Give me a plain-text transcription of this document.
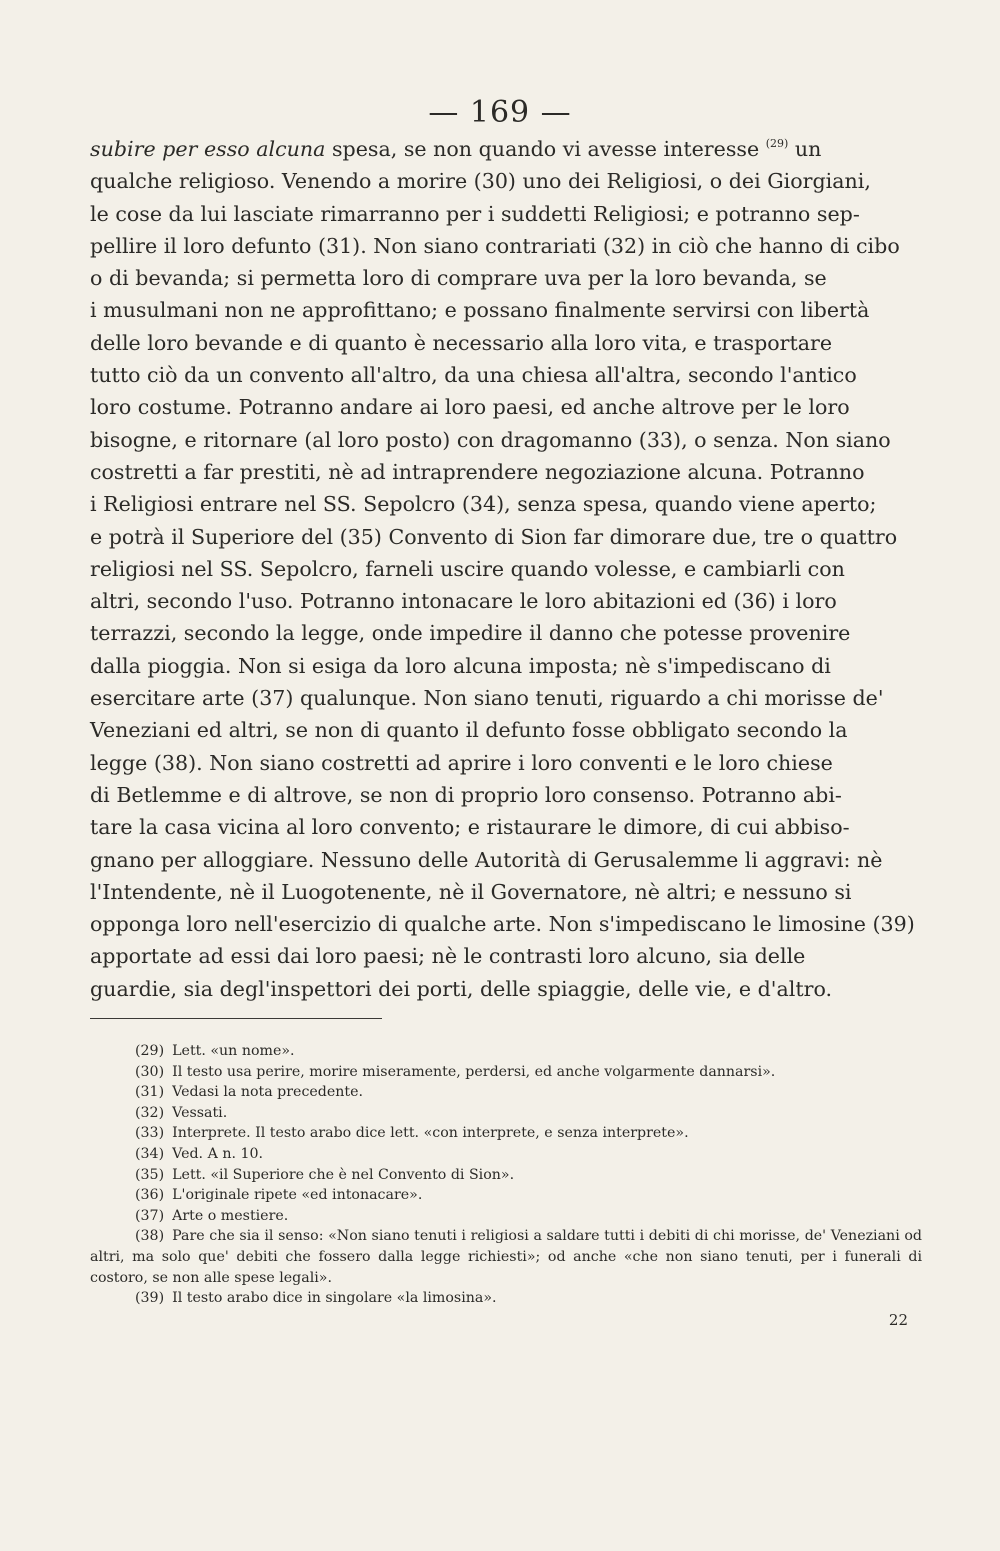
— 169 —
subire per esso alcuna spesa, se non quando vi avesse interesse $^{(29)}$ un
qualche religioso. Venendo a morire (30) uno dei Religiosi, o dei Giorgiani,
le cose da lui lasciate rimarranno per i suddetti Religiosi; e potranno sep-
pellire il loro defunto (31). Non siano contrariati (32) in ciò che hanno di cibo
o di bevanda; si permetta loro di comprare uva per la loro bevanda, se
i musulmani non ne approfittano; e possano finalmente servirsi con libertà
delle loro bevande e di quanto è necessario alla loro vita, e trasportare
tutto ciò da un convento all'altro, da una chiesa all'altra, secondo l'antico
loro costume. Potranno andare ai loro paesi, ed anche altrove per le loro
bisogne, e ritornare (al loro posto) con dragomanno (33), o senza. Non siano
costretti a far prestiti, nè ad intraprendere negoziazione alcuna. Potranno
i Religiosi entrare nel SS. Sepolcro (34), senza spesa, quando viene aperto;
e potrà il Superiore del (35) Convento di Sion far dimorare due, tre o quattro
religiosi nel SS. Sepolcro, farneli uscire quando volesse, e cambiarli con
altri, secondo l'uso. Potranno intonacare le loro abitazioni ed (36) i loro
terrazzi, secondo la legge, onde impedire il danno che potesse provenire
dalla pioggia. Non si esiga da loro alcuna imposta; nè s'impediscano di
esercitare arte (37) qualunque. Non siano tenuti, riguardo a chi morisse de'
Veneziani ed altri, se non di quanto il defunto fosse obbligato secondo la
legge (38). Non siano costretti ad aprire i loro conventi e le loro chiese
di Betlemme e di altrove, se non di proprio loro consenso. Potranno abi-
tare la casa vicina al loro convento; e ristaurare le dimore, di cui abbiso-
gnano per alloggiare. Nessuno delle Autorità di Gerusalemme li aggravi: nè
l'Intendente, nè il Luogotenente, nè il Governatore, nè altri; e nessuno si
opponga loro nell'esercizio di qualche arte. Non s'impediscano le limosine (39)
apportate ad essi dai loro paesi; nè le contrasti loro alcuno, sia delle
guardie, sia degl'inspettori dei porti, delle spiaggie, delle vie, e d'altro.
(29) Lett. «un nome».
(30) Il testo usa perire, morire miseramente, perdersi, ed anche volgarmente dannarsi».
(31) Vedasi la nota precedente.
(32) Vessati.
(33) Interprete. Il testo arabo dice lett. «con interprete, e senza interprete».
(34) Ved. A n. 10.
(35) Lett. «il Superiore che è nel Convento di Sion».
(36) L'originale ripete «ed intonacare».
(37) Arte o mestiere.
(38) Pare che sia il senso: «Non siano tenuti i religiosi a saldare tutti i debiti di chi morisse, de' Veneziani od altri, ma solo que' debiti che fossero dalla legge richiesti»; od anche «che non siano tenuti, per i funerali di costoro, se non alle spese legali».
(39) Il testo arabo dice in singolare «la limosina».
22
